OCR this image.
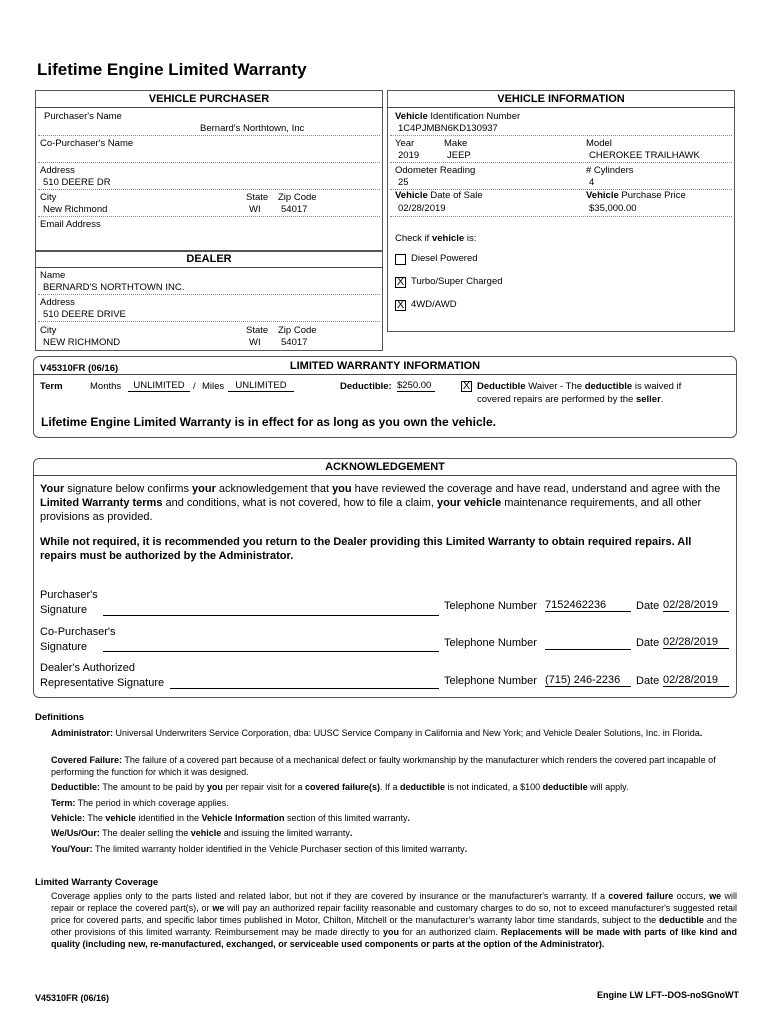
Lifetime Engine Limited Warranty
VEHICLE PURCHASER
Purchaser's Name
Bernard's Northtown, Inc
Co-Purchaser's Name
Address
510 DEERE DR
City
New Richmond
State
WI
Zip Code
54017
Email Address
VEHICLE INFORMATION
Vehicle Identification Number
1C4PJMBN6KD130937
Year
2019
Make
JEEP
Model
CHEROKEE TRAILHAWK
Odometer Reading
25
# Cylinders
4
Vehicle Date of Sale
02/28/2019
Vehicle Purchase Price
$35,000.00
Check if vehicle is:
Diesel Powered
X Turbo/Super Charged
X 4WD/AWD
DEALER
Name
BERNARD'S NORTHTOWN INC.
Address
510 DEERE DRIVE
City
NEW RICHMOND
State
WI
Zip Code
54017
V45310FR (06/16)	LIMITED WARRANTY INFORMATION
Term	Months	UNLIMITED / Miles	UNLIMITED	Deductible: $250.00	X Deductible Waiver - The deductible is waived if
covered repairs are performed by the seller.
Lifetime Engine Limited Warranty is in effect for as long as you own the vehicle.
ACKNOWLEDGEMENT
Your signature below confirms your acknowledgement that you have reviewed the coverage and have read, understand and agree with the Limited Warranty terms and conditions, what is not covered, how to file a claim, your vehicle maintenance requirements, and all other provisions as provided.
While not required, it is recommended you return to the Dealer providing this Limited Warranty to obtain required repairs. All repairs must be authorized by the Administrator.
Purchaser's
Signature	Telephone Number 7152462236	Date 02/28/2019
Co-Purchaser's
Signature	Telephone Number	Date 02/28/2019
Dealer's Authorized
Representative Signature	Telephone Number (715) 246-2236	Date 02/28/2019
Definitions
Administrator: Universal Underwriters Service Corporation, dba: UUSC Service Company in California and New York; and Vehicle Dealer Solutions, Inc. in Florida.
Covered Failure: The failure of a covered part because of a mechanical defect or faulty workmanship by the manufacturer which renders the covered part incapable of performing the function for which it was designed.
Deductible: The amount to be paid by you per repair visit for a covered failure(s). If a deductible is not indicated, a $100 deductible will apply.
Term: The period in which coverage applies.
Vehicle: The vehicle identified in the Vehicle Information section of this limited warranty.
We/Us/Our: The dealer selling the vehicle and issuing the limited warranty.
You/Your: The limited warranty holder identified in the Vehicle Purchaser section of this limited warranty.
Limited Warranty Coverage
Coverage applies only to the parts listed and related labor, but not if they are covered by insurance or the manufacturer's warranty. If a covered failure occurs, we will repair or replace the covered part(s), or we will pay an authorized repair facility reasonable and customary charges to do so, not to exceed manufacturer's suggested retail price for covered parts, and specific labor times published in Motor, Chilton, Mitchell or the manufacturer's warranty labor time standards, subject to the deductible and the other provisions of this limited warranty. Reimbursement may be made directly to you for an authorized claim. Replacements will be made with parts of like kind and quality (including new, re-manufactured, exchanged, or serviceable used components or parts at the option of the Administrator).
V45310FR (06/16)	Engine LW LFT--DOS-noSGnoWT
